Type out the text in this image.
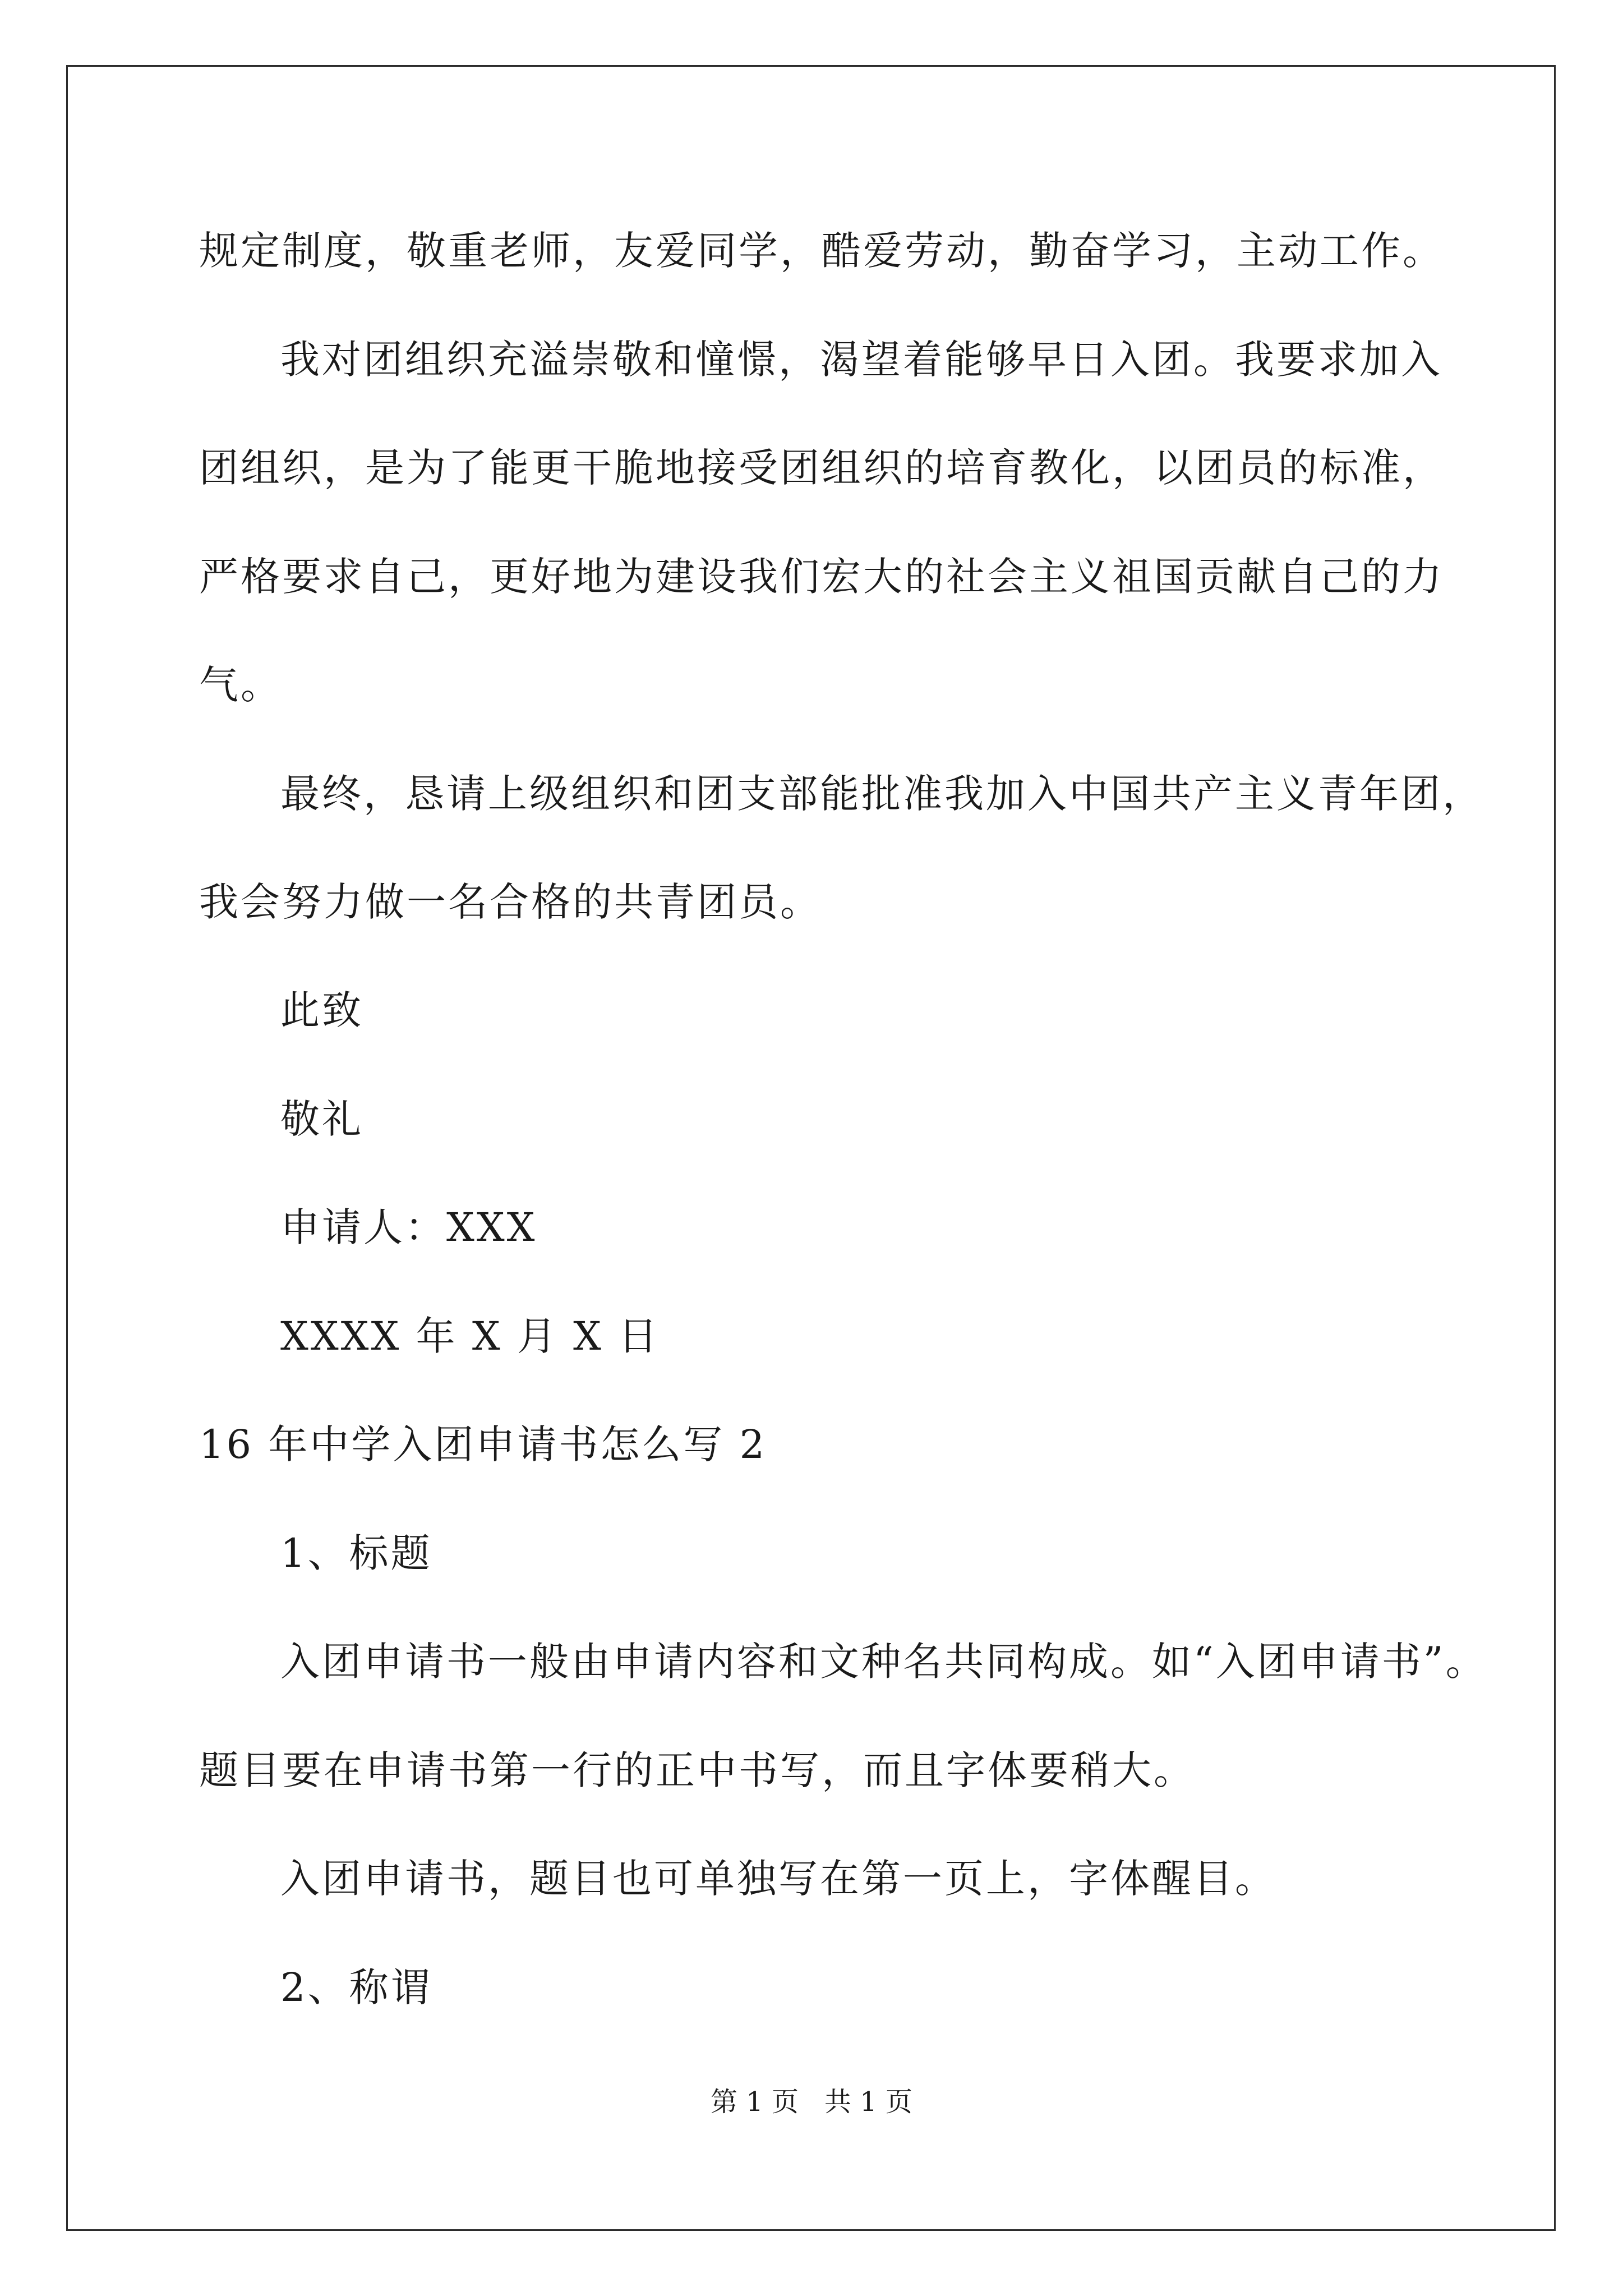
规定制度，敬重老师，友爱同学，酷爱劳动，勤奋学习，主动工作。
我对团组织充溢崇敬和憧憬，渴望着能够早日入团。我要求加入
团组织，是为了能更干脆地接受团组织的培育教化，以团员的标准，
严格要求自己，更好地为建设我们宏大的社会主义祖国贡献自己的力
气。
最终，恳请上级组织和团支部能批准我加入中国共产主义青年团，
我会努力做一名合格的共青团员。
此致
敬礼
申请人：XXX
XXXX 年 X 月 X 日
16 年中学入团申请书怎么写 2
1、标题
入团申请书一般由申请内容和文种名共同构成。如“入团申请书”。
题目要在申请书第一行的正中书写，而且字体要稍大。
入团申请书，题目也可单独写在第一页上，字体醒目。
2、称谓
第 1 页 共 1 页
